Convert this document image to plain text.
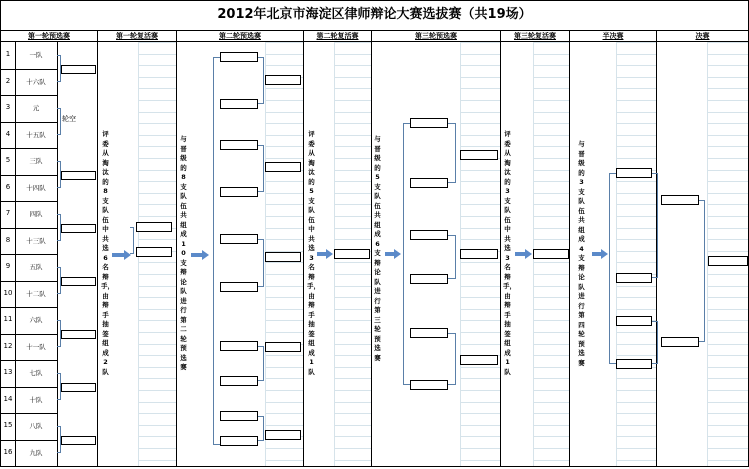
2012年北京市海淀区律师辩论大赛选拔赛（共19场）
第一轮预选赛	第一轮复活赛	第二轮预选赛	第二轮复活赛	第三轮预选赛	第三轮复活赛	半决赛	决赛
评委从淘汰的8支队伍中共选6名辩手，由辩手抽签组成2队
与晋级的8支队伍共组成10支辩论队进行第二轮预选赛
评委从淘汰的5支队伍中共选3名辩手，由辩手抽签组成1队
与晋级的5支队伍共组成6支辩论队进行第三轮预选赛
评委从淘汰的3支队伍中共选3名辩手，由辩手抽签组成1队
与晋级的3支队伍共组成4支辩论队进行第四轮预选赛
1	一队
2	十六队
3	元
4	十五队
5	三队
6	十四队
7	四队
8	十三队
9	五队
10	十二队
11	六队
12	十一队
13	七队
14	十队
15	八队
16	九队
轮空
